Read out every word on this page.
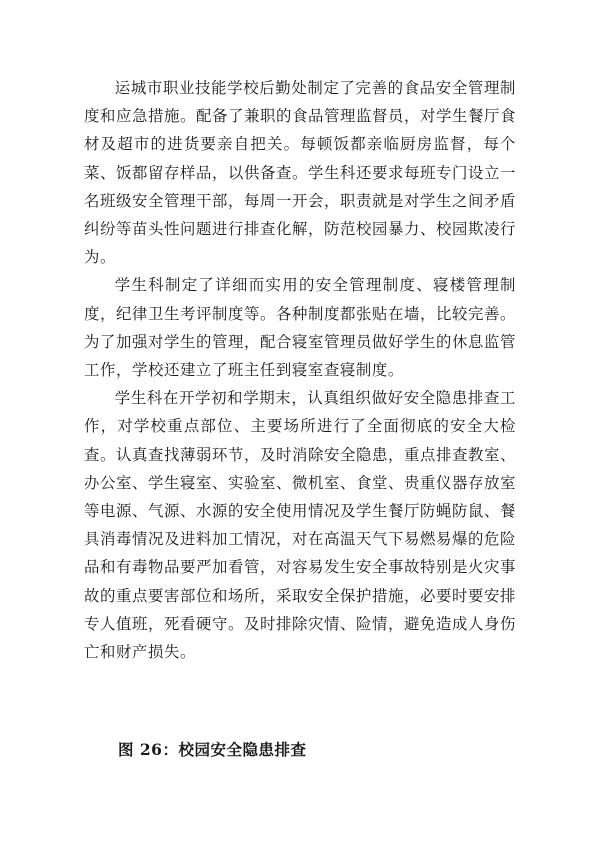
运城市职业技能学校后勤处制定了完善的食品安全管理制度和应急措施。配备了兼职的食品管理监督员，对学生餐厅食材及超市的进货要亲自把关。每顿饭都亲临厨房监督，每个菜、饭都留存样品，以供备查。学生科还要求每班专门设立一名班级安全管理干部，每周一开会，职责就是对学生之间矛盾纠纷等苗头性问题进行排查化解，防范校园暴力、校园欺凌行为。

学生科制定了详细而实用的安全管理制度、寝楼管理制度，纪律卫生考评制度等。各种制度都张贴在墙，比较完善。为了加强对学生的管理，配合寝室管理员做好学生的休息监管工作，学校还建立了班主任到寝室查寝制度。

学生科在开学初和学期末，认真组织做好安全隐患排查工作，对学校重点部位、主要场所进行了全面彻底的安全大检查。认真查找薄弱环节，及时消除安全隐患，重点排查教室、办公室、学生寝室、实验室、微机室、食堂、贵重仪器存放室等电源、气源、水源的安全使用情况及学生餐厅防蝇防鼠、餐具消毒情况及进料加工情况，对在高温天气下易燃易爆的危险品和有毒物品要严加看管，对容易发生安全事故特别是火灾事故的重点要害部位和场所，采取安全保护措施，必要时要安排专人值班，死看硬守。及时排除灾情、险情，避免造成人身伤亡和财产损失。

图 26：校园安全隐患排查
